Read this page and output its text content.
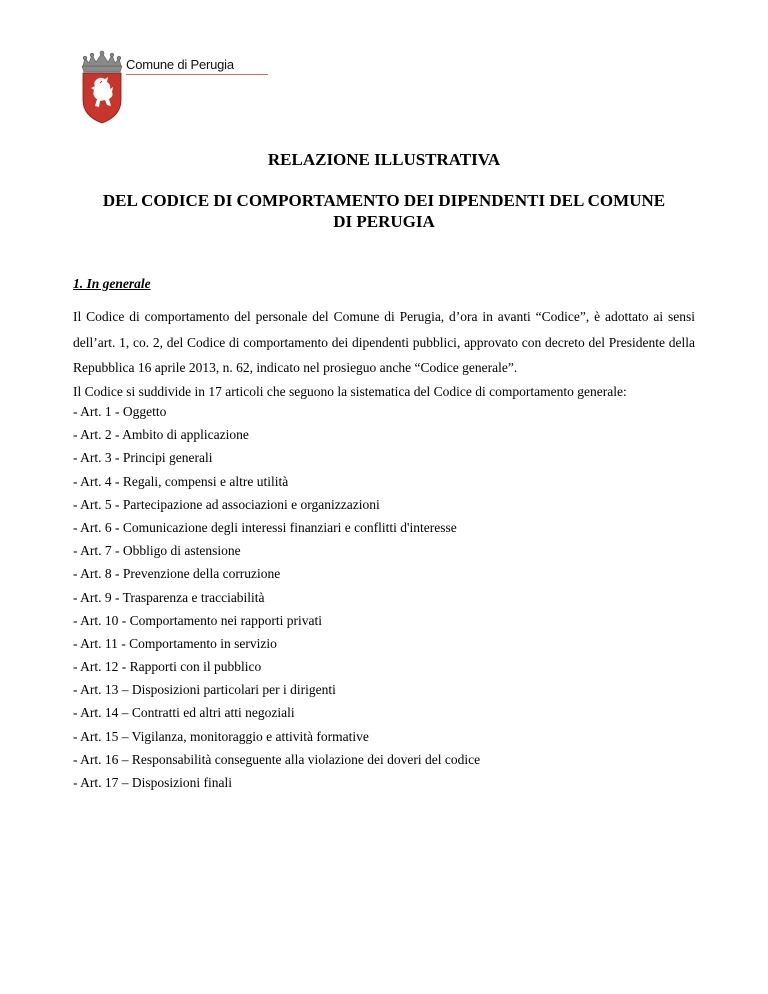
Comune di Perugia
RELAZIONE ILLUSTRATIVA
DEL CODICE DI COMPORTAMENTO DEI DIPENDENTI DEL COMUNE
DI PERUGIA
1. In generale

Il Codice di comportamento del personale del Comune di Perugia, d’ora in avanti “Codice”, è adottato ai sensi dell’art. 1, co. 2, del Codice di comportamento dei dipendenti pubblici, approvato con decreto del Presidente della Repubblica 16 aprile 2013, n. 62, indicato nel prosieguo anche “Codice generale”.

Il Codice si suddivide in 17 articoli che seguono la sistematica del Codice di comportamento generale:

- Art. 1 - Oggetto
- Art. 2 - Ambito di applicazione
- Art. 3 - Principi generali
- Art. 4 - Regali, compensi e altre utilità
- Art. 5 - Partecipazione ad associazioni e organizzazioni
- Art. 6 - Comunicazione degli interessi finanziari e conflitti d'interesse
- Art. 7 - Obbligo di astensione
- Art. 8 - Prevenzione della corruzione
- Art. 9 - Trasparenza e tracciabilità
- Art. 10 - Comportamento nei rapporti privati
- Art. 11 - Comportamento in servizio
- Art. 12 - Rapporti con il pubblico
- Art. 13 – Disposizioni particolari per i dirigenti
- Art. 14 – Contratti ed altri atti negoziali
- Art. 15 – Vigilanza, monitoraggio e attività formative
- Art. 16 – Responsabilità conseguente alla violazione dei doveri del codice
- Art. 17 – Disposizioni finali
